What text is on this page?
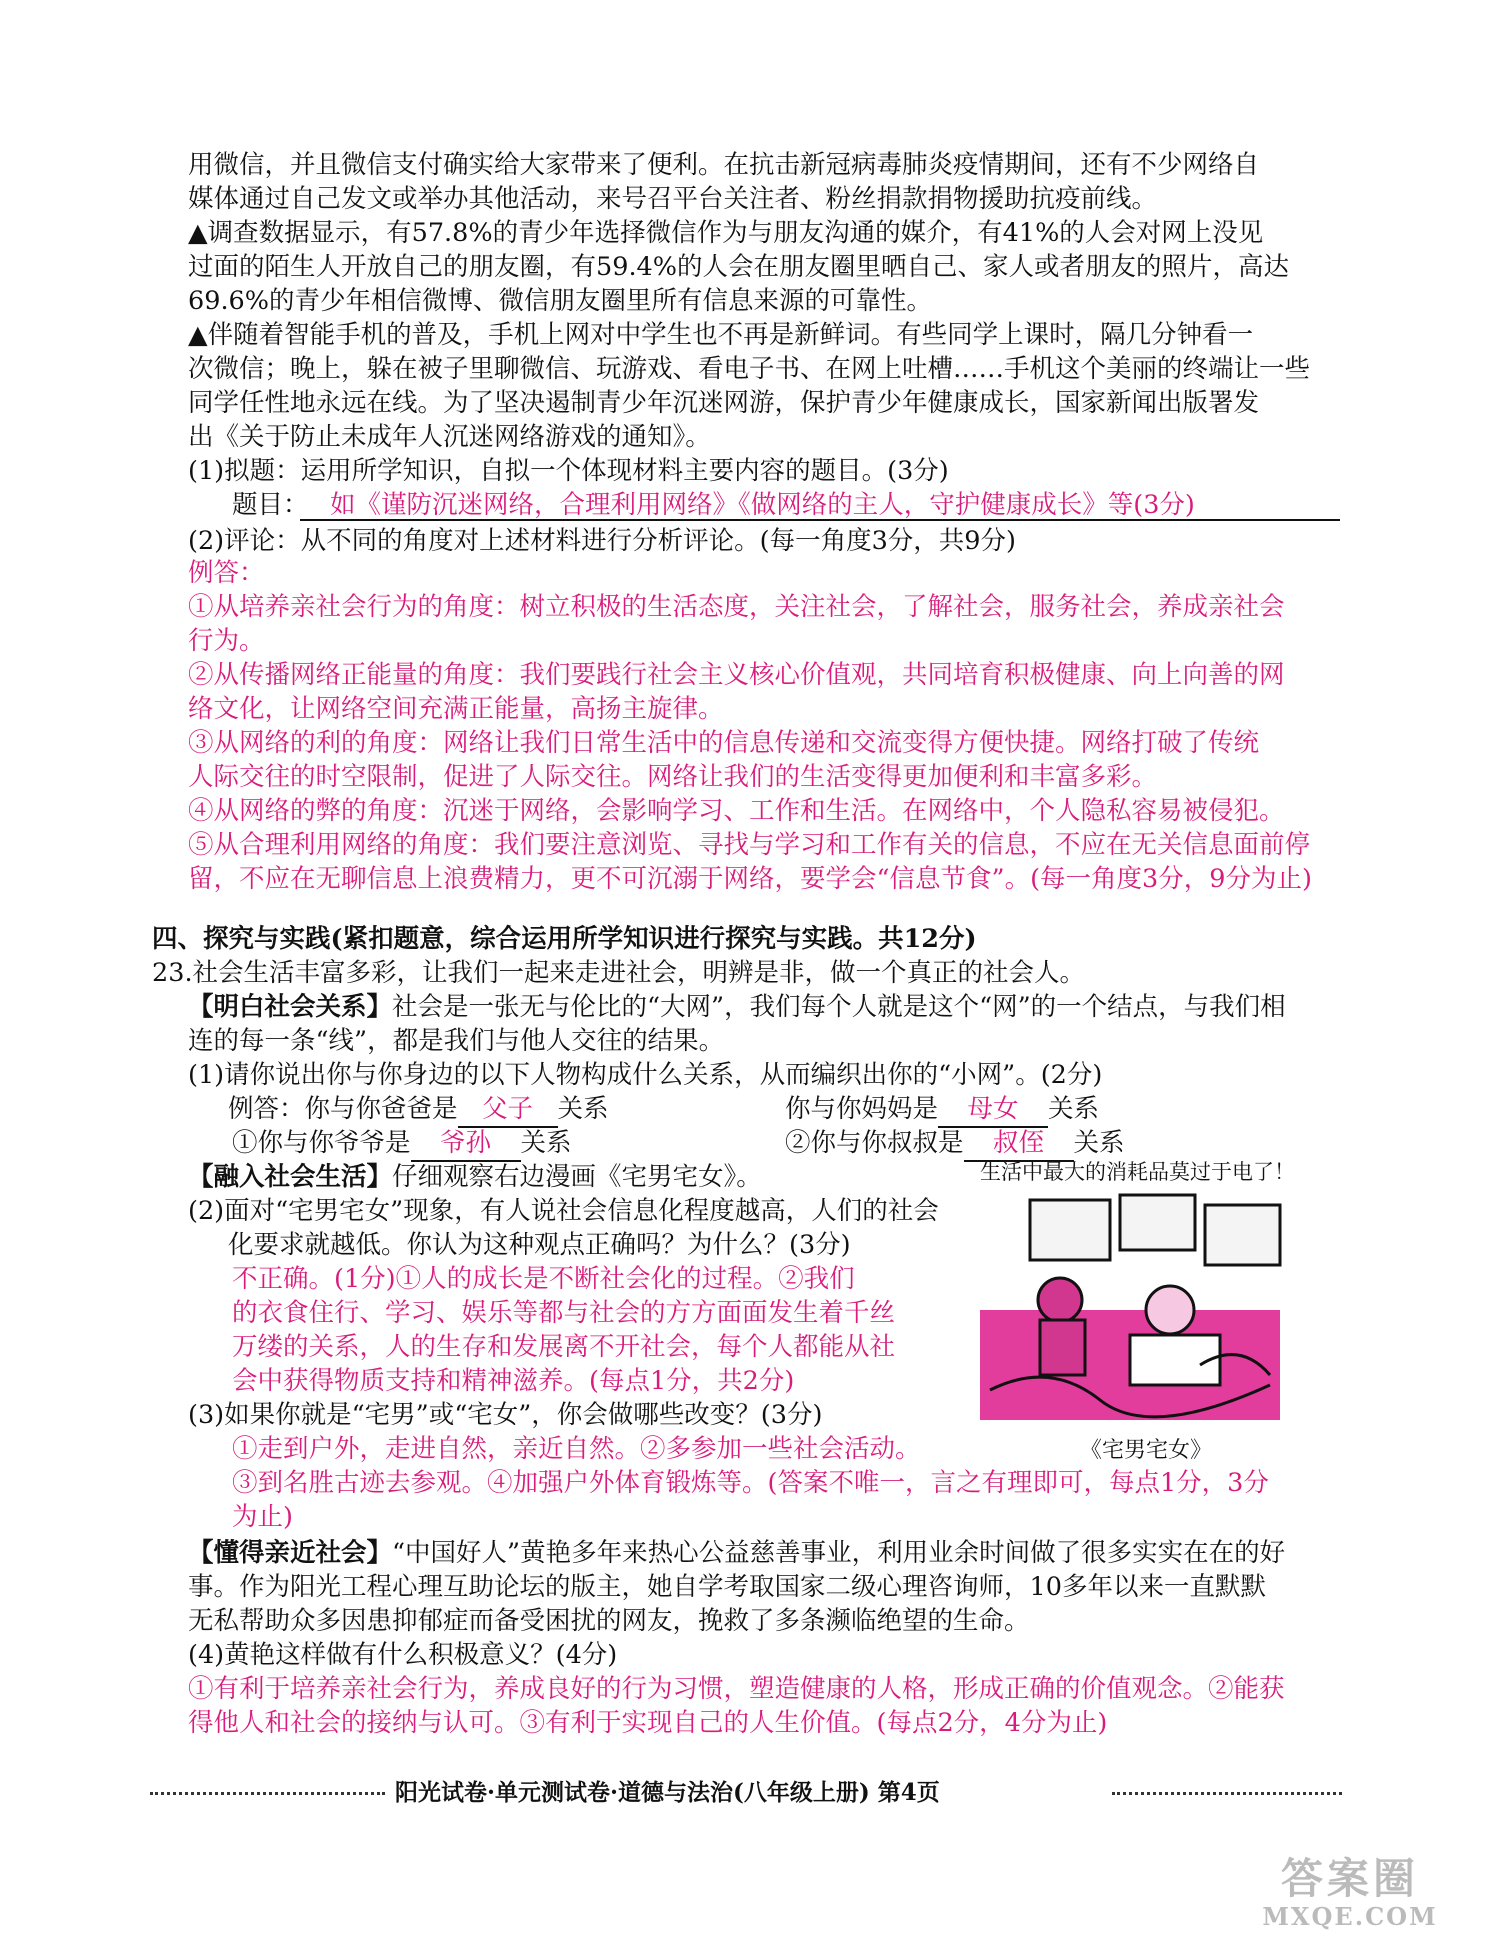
用微信，并且微信支付确实给大家带来了便利。在抗击新冠病毒肺炎疫情期间，还有不少网络自
媒体通过自己发文或举办其他活动，来号召平台关注者、粉丝捐款捐物援助抗疫前线。
▲调查数据显示，有57.8%的青少年选择微信作为与朋友沟通的媒介，有41%的人会对网上没见
过面的陌生人开放自己的朋友圈，有59.4%的人会在朋友圈里晒自己、家人或者朋友的照片，高达
69.6%的青少年相信微博、微信朋友圈里所有信息来源的可靠性。
▲伴随着智能手机的普及，手机上网对中学生也不再是新鲜词。有些同学上课时，隔几分钟看一
次微信；晚上，躲在被子里聊微信、玩游戏、看电子书、在网上吐槽……手机这个美丽的终端让一些
同学任性地永远在线。为了坚决遏制青少年沉迷网游，保护青少年健康成长，国家新闻出版署发
出《关于防止未成年人沉迷网络游戏的通知》。
(1)拟题：运用所学知识，自拟一个体现材料主要内容的题目。(3分)
题目： 如《谨防沉迷网络，合理利用网络》《做网络的主人，守护健康成长》等(3分)
(2)评论：从不同的角度对上述材料进行分析评论。(每一角度3分，共9分)
例答：
①从培养亲社会行为的角度：树立积极的生活态度，关注社会，了解社会，服务社会，养成亲社会
行为。
②从传播网络正能量的角度：我们要践行社会主义核心价值观，共同培育积极健康、向上向善的网
络文化，让网络空间充满正能量，高扬主旋律。
③从网络的利的角度：网络让我们日常生活中的信息传递和交流变得方便快捷。网络打破了传统
人际交往的时空限制，促进了人际交往。网络让我们的生活变得更加便利和丰富多彩。
④从网络的弊的角度：沉迷于网络，会影响学习、工作和生活。在网络中，个人隐私容易被侵犯。
⑤从合理利用网络的角度：我们要注意浏览、寻找与学习和工作有关的信息，不应在无关信息面前停
留，不应在无聊信息上浪费精力，更不可沉溺于网络，要学会“信息节食”。(每一角度3分，9分为止)
四、探究与实践(紧扣题意，综合运用所学知识进行探究与实践。共12分)
23.社会生活丰富多彩，让我们一起来走进社会，明辨是非，做一个真正的社会人。
【明白社会关系】社会是一张无与伦比的“大网”，我们每个人就是这个“网”的一个结点，与我们相
连的每一条“线”，都是我们与他人交往的结果。
(1)请你说出你与你身边的以下人物构成什么关系，从而编织出你的“小网”。(2分)
例答：你与你爸爸是 父子 关系	你与你妈妈是 母女 关系
①你与你爷爷是 爷孙 关系	②你与你叔叔是 叔侄 关系
【融入社会生活】仔细观察右边漫画《宅男宅女》。	生活中最大的消耗品莫过于电了！
(2)面对“宅男宅女”现象，有人说社会信息化程度越高，人们的社会
化要求就越低。你认为这种观点正确吗？为什么？(3分)
不正确。(1分)①人的成长是不断社会化的过程。②我们
的衣食住行、学习、娱乐等都与社会的方方面面发生着千丝
万缕的关系，人的生存和发展离不开社会，每个人都能从社
会中获得物质支持和精神滋养。(每点1分，共2分)
《宅男宅女》
(3)如果你就是“宅男”或“宅女”，你会做哪些改变？(3分)
①走到户外，走进自然，亲近自然。②多参加一些社会活动。
③到名胜古迹去参观。④加强户外体育锻炼等。(答案不唯一，言之有理即可，每点1分，3分
为止)
【懂得亲近社会】“中国好人”黄艳多年来热心公益慈善事业，利用业余时间做了很多实实在在的好
事。作为阳光工程心理互助论坛的版主，她自学考取国家二级心理咨询师，10多年以来一直默默
无私帮助众多因患抑郁症而备受困扰的网友，挽救了多条濒临绝望的生命。
(4)黄艳这样做有什么积极意义？(4分)
①有利于培养亲社会行为，养成良好的行为习惯，塑造健康的人格，形成正确的价值观念。②能获
得他人和社会的接纳与认可。③有利于实现自己的人生价值。(每点2分，4分为止)
阳光试卷·单元测试卷·道德与法治(八年级上册) 第4页
答案圈
MXQE.COM
